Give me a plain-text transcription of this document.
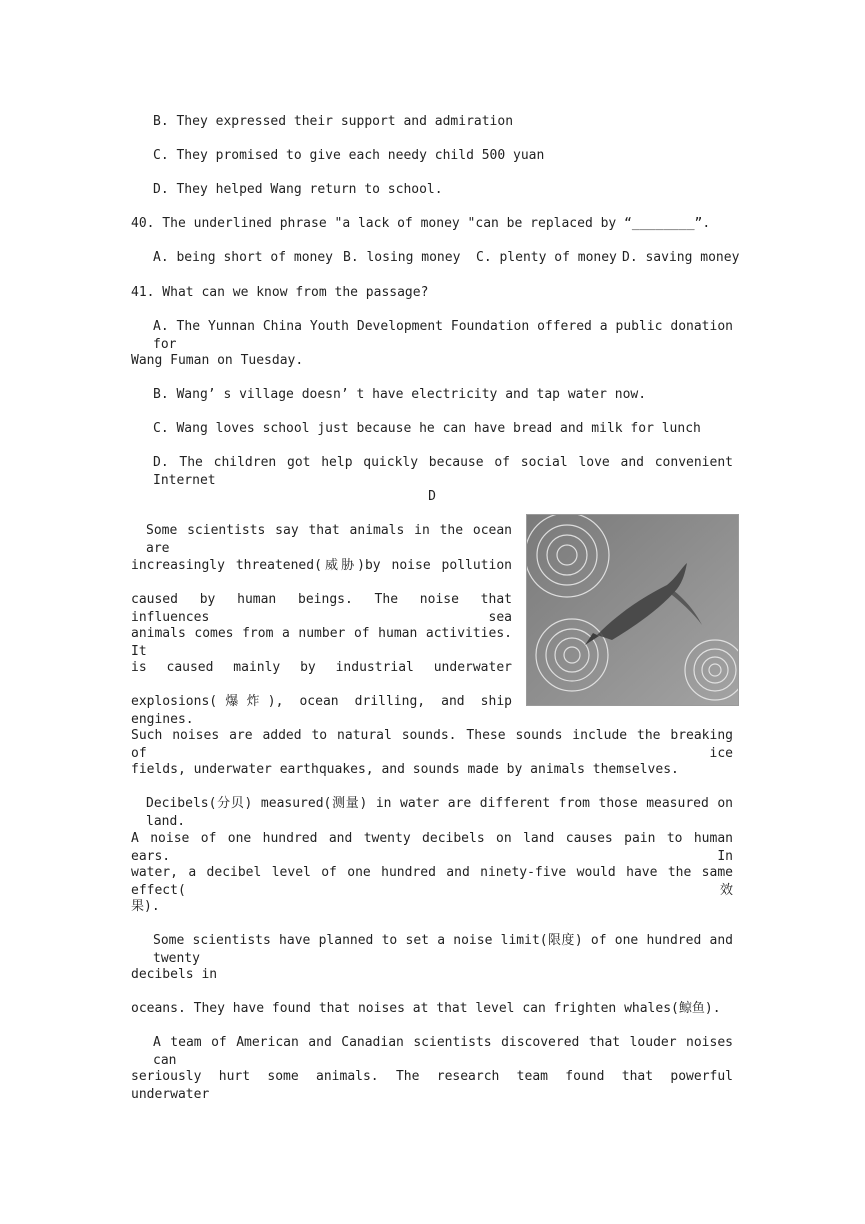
B. They expressed their support and admiration
C. They promised to give each needy child 500 yuan
D. They helped Wang return to school.
40. The underlined phrase "a lack of money "can be replaced by “________”.
A. being short of money B. losing money C. plenty of money D. saving money
41. What can we know from the passage?
A. The Yunnan China Youth Development Foundation offered a public donation for
Wang Fuman on Tuesday.
B. Wang’ s village doesn’ t have electricity and tap water now.
C. Wang loves school just because he can have bread and milk for lunch
D. The children got help quickly because of social love and convenient Internet
D
Some scientists say that animals in the ocean are
increasingly threatened(威胁)by noise pollution
caused by human beings. The noise that influences sea
animals comes from a number of human activities. It
is caused mainly by industrial underwater
explosions(爆炸), ocean drilling, and ship engines.
Such noises are added to natural sounds. These sounds include the breaking of ice
fields, underwater earthquakes, and sounds made by animals themselves.
Decibels(分贝) measured(测量) in water are different from those measured on land.
A noise of one hundred and twenty decibels on land causes pain to human ears. In
water, a decibel level of one hundred and ninety-five would have the same effect(效
果).
Some scientists have planned to set a noise limit(限度) of one hundred and twenty
decibels in
oceans. They have found that noises at that level can frighten whales(鲸鱼).
A team of American and Canadian scientists discovered that louder noises can
seriously hurt some animals. The research team found that powerful underwater
